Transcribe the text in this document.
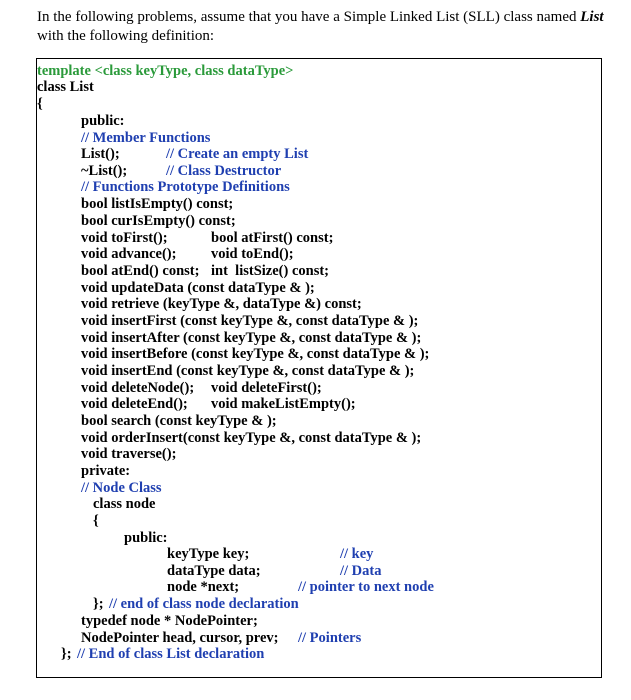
In the following problems, assume that you have a Simple Linked List (SLL) class named List
with the following definition:
template <class keyType, class dataType>
class List
{
public:
// Member Functions
List();	// Create an empty List
~List();	// Class Destructor
// Functions Prototype Definitions
bool listIsEmpty() const;
bool curIsEmpty() const;
void toFirst();	bool atFirst() const;
void advance(); void toEnd();
bool atEnd() const; int  listSize() const;
void updateData (const dataType & );
void retrieve (keyType &, dataType &) const;
void insertFirst (const keyType &, const dataType & );
void insertAfter (const keyType &, const dataType & );
void insertBefore (const keyType &, const dataType & );
void insertEnd (const keyType &, const dataType & );
void deleteNode(); void deleteFirst();
void deleteEnd(); void makeListEmpty();
bool search (const keyType & );
void orderInsert(const keyType &, const dataType & );
void traverse();
private:
// Node Class
class node
{
public:
keyType key;	// key
dataType data;	// Data
node *next;	// pointer to next node
}; // end of class node declaration
typedef node * NodePointer;
NodePointer head, cursor, prev; // Pointers
}; // End of class List declaration
